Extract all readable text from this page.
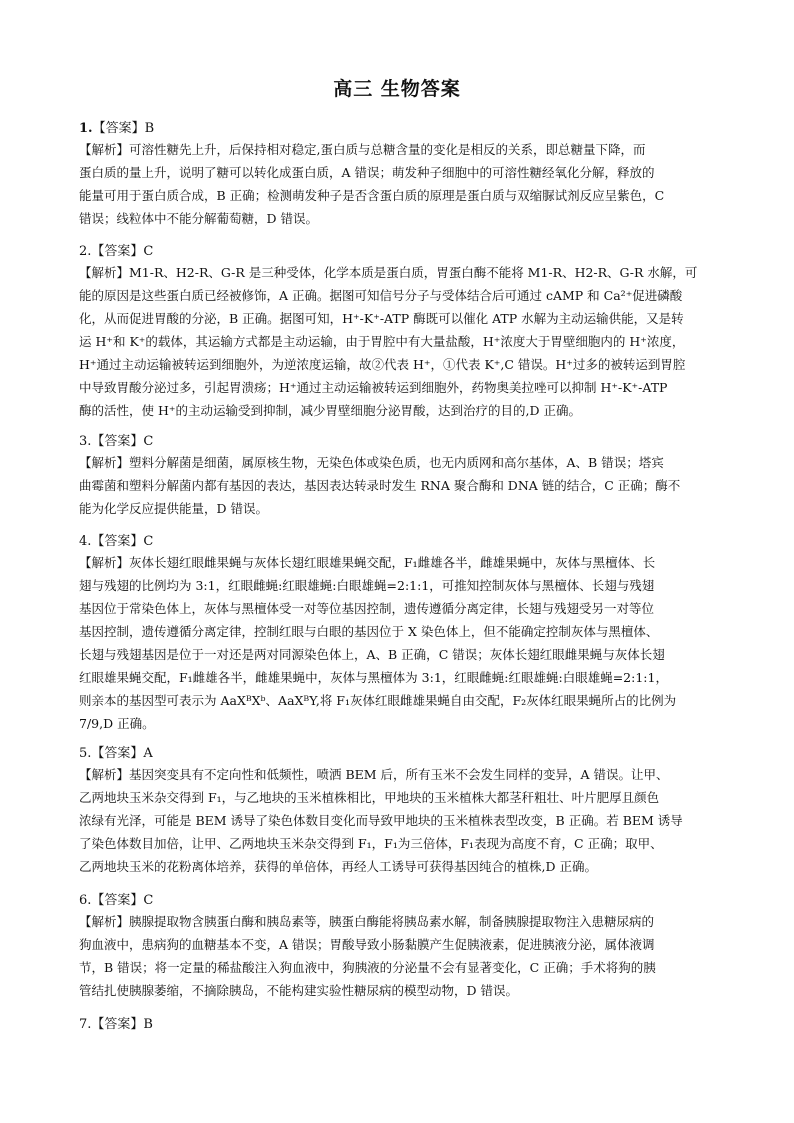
高三 生物答案
1.【答案】B
【解析】可溶性糖先上升，后保持相对稳定,蛋白质与总糖含量的变化是相反的关系，即总糖量下降，而
蛋白质的量上升，说明了糖可以转化成蛋白质，A 错误；萌发种子细胞中的可溶性糖经氧化分解，释放的
能量可用于蛋白质合成，B 正确；检测萌发种子是否含蛋白质的原理是蛋白质与双缩脲试剂反应呈紫色，C
错误；线粒体中不能分解葡萄糖，D 错误。
2.【答案】C
【解析】M1-R、H2-R、G-R 是三种受体，化学本质是蛋白质，胃蛋白酶不能将 M1-R、H2-R、G-R 水解，可
能的原因是这些蛋白质已经被修饰，A 正确。据图可知信号分子与受体结合后可通过 cAMP 和 Ca²⁺促进磷酸
化，从而促进胃酸的分泌，B 正确。据图可知，H⁺-K⁺-ATP 酶既可以催化 ATP 水解为主动运输供能，又是转
运 H⁺和 K⁺的载体，其运输方式都是主动运输，由于胃腔中有大量盐酸，H⁺浓度大于胃壁细胞内的 H⁺浓度，
H⁺通过主动运输被转运到细胞外，为逆浓度运输，故②代表 H⁺，①代表 K⁺,C 错误。H⁺过多的被转运到胃腔
中导致胃酸分泌过多，引起胃溃疡；H⁺通过主动运输被转运到细胞外，药物奥美拉唑可以抑制 H⁺-K⁺-ATP
酶的活性，使 H⁺的主动运输受到抑制，减少胃壁细胞分泌胃酸，达到治疗的目的,D 正确。
3.【答案】C
【解析】塑料分解菌是细菌，属原核生物，无染色体或染色质，也无内质网和高尔基体，A、B 错误；塔宾
曲霉菌和塑料分解菌内都有基因的表达，基因表达转录时发生 RNA 聚合酶和 DNA 链的结合，C 正确；酶不
能为化学反应提供能量，D 错误。
4.【答案】C
【解析】灰体长翅红眼雌果蝇与灰体长翅红眼雄果蝇交配，F₁雌雄各半，雌雄果蝇中，灰体与黑檀体、长
翅与残翅的比例均为 3:1，红眼雌蝇:红眼雄蝇:白眼雄蝇=2:1:1，可推知控制灰体与黑檀体、长翅与残翅
基因位于常染色体上，灰体与黑檀体受一对等位基因控制，遗传遵循分离定律，长翅与残翅受另一对等位
基因控制，遗传遵循分离定律，控制红眼与白眼的基因位于 X 染色体上，但不能确定控制灰体与黑檀体、
长翅与残翅基因是位于一对还是两对同源染色体上，A、B 正确，C 错误；灰体长翅红眼雌果蝇与灰体长翅
红眼雄果蝇交配，F₁雌雄各半，雌雄果蝇中，灰体与黑檀体为 3:1，红眼雌蝇:红眼雄蝇:白眼雄蝇=2:1:1，
则亲本的基因型可表示为 AaXᴮXᵇ、AaXᴮY,将 F₁灰体红眼雌雄果蝇自由交配，F₂灰体红眼果蝇所占的比例为
7/9,D 正确。
5.【答案】A
【解析】基因突变具有不定向性和低频性，喷洒 BEM 后，所有玉米不会发生同样的变异，A 错误。让甲、
乙两地块玉米杂交得到 F₁，与乙地块的玉米植株相比，甲地块的玉米植株大都茎秆粗壮、叶片肥厚且颜色
浓绿有光泽，可能是 BEM 诱导了染色体数目变化而导致甲地块的玉米植株表型改变，B 正确。若 BEM 诱导
了染色体数目加倍，让甲、乙两地块玉米杂交得到 F₁，F₁为三倍体，F₁表现为高度不育，C 正确；取甲、
乙两地块玉米的花粉离体培养，获得的单倍体，再经人工诱导可获得基因纯合的植株,D 正确。
6.【答案】C
【解析】胰腺提取物含胰蛋白酶和胰岛素等，胰蛋白酶能将胰岛素水解，制备胰腺提取物注入患糖尿病的
狗血液中，患病狗的血糖基本不变，A 错误；胃酸导致小肠黏膜产生促胰液素，促进胰液分泌，属体液调
节，B 错误；将一定量的稀盐酸注入狗血液中，狗胰液的分泌量不会有显著变化，C 正确；手术将狗的胰
管结扎使胰腺萎缩，不摘除胰岛，不能构建实验性糖尿病的模型动物，D 错误。
7.【答案】B
